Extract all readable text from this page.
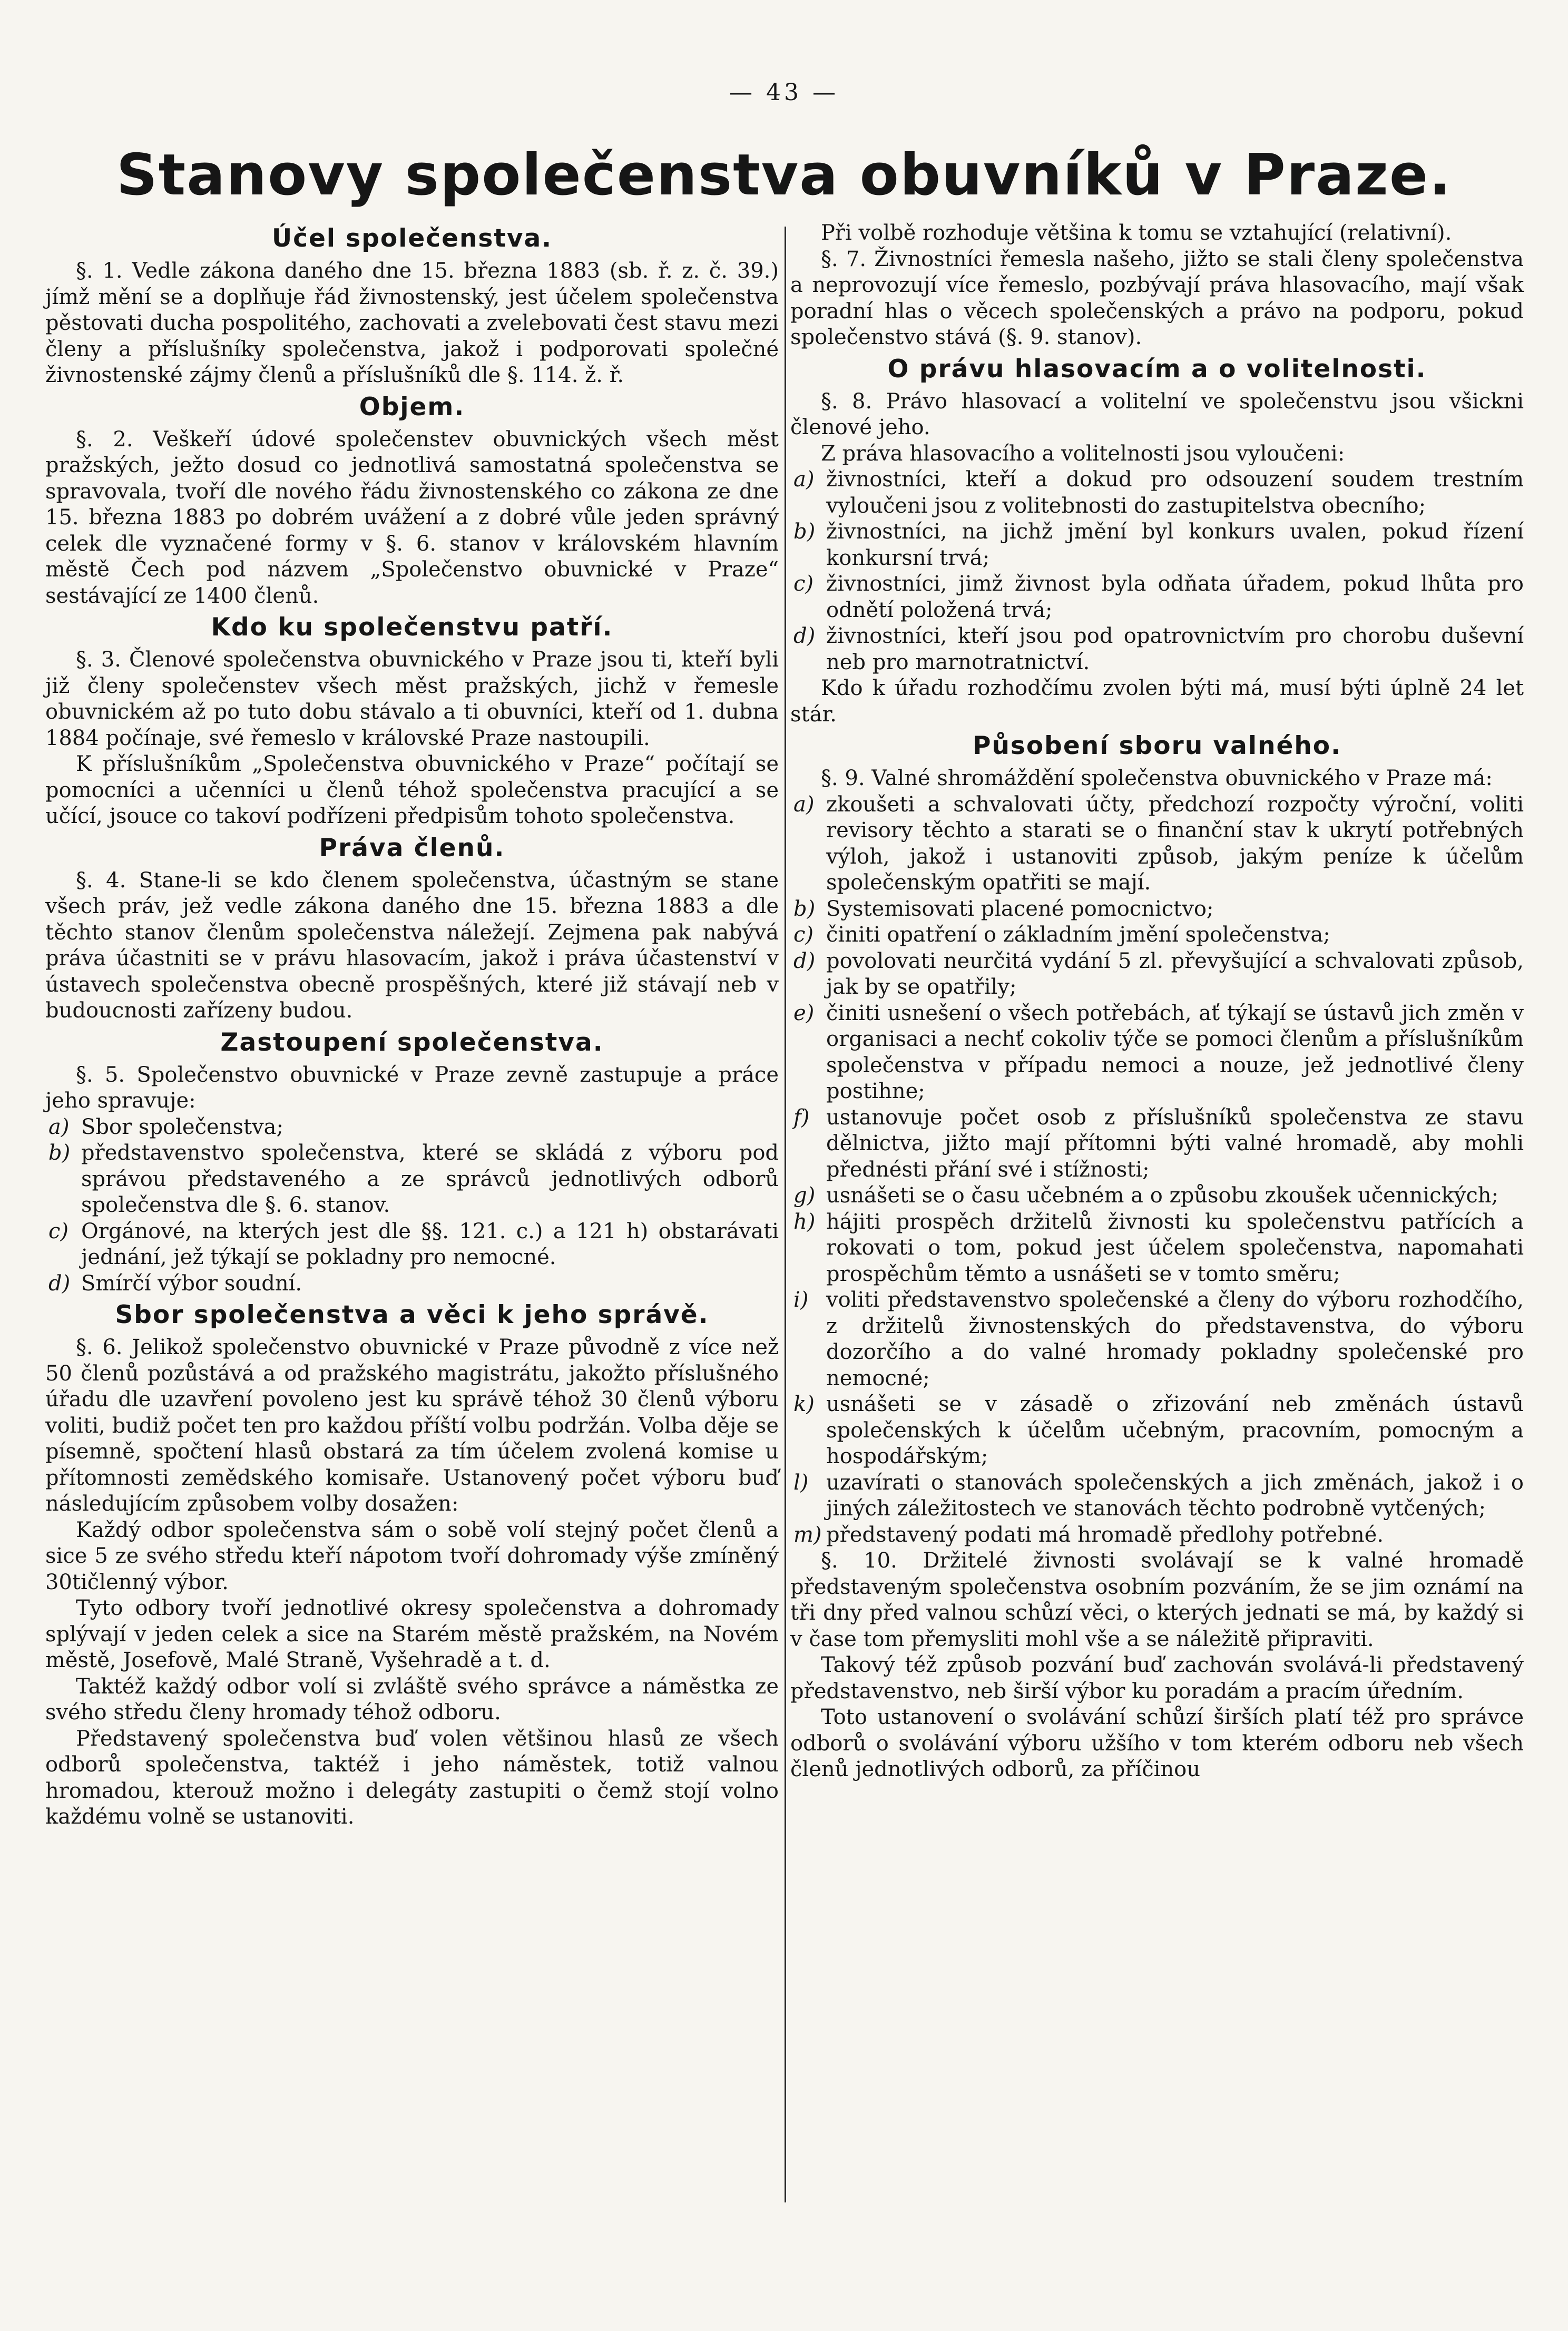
— 43 —
Stanovy společenstva obuvníků v Praze.
Účel společenstva.

§. 1. Vedle zákona daného dne 15. března 1883 (sb. ř. z. č. 39.) jímž mění se a doplňuje řád živnostenský, jest účelem společenstva pěstovati ducha pospolitého, zachovati a zvelebovati čest stavu mezi členy a příslušníky společenstva, jakož i podporovati společné živnostenské zájmy členů a příslušníků dle §. 114. ž. ř.

Objem.

§. 2. Veškeří údové společenstev obuvnických všech měst pražských, ježto dosud co jednotlivá samostatná společenstva se spravovala, tvoří dle nového řádu živnostenského co zákona ze dne 15. března 1883 po dobrém uvážení a z dobré vůle jeden správný celek dle vyznačené formy v §. 6. stanov v královském hlavním městě Čech pod názvem „Společenstvo obuvnické v Praze“ sestávající ze 1400 členů.

Kdo ku společenstvu patří.

§. 3. Členové společenstva obuvnického v Praze jsou ti, kteří byli již členy společenstev všech měst pražských, jichž v řemesle obuvnickém až po tuto dobu stávalo a ti obuvníci, kteří od 1. dubna 1884 počínaje, své řemeslo v královské Praze nastoupili.

K příslušníkům „Společenstva obuvnického v Praze“ počítají se pomocníci a učenníci u členů téhož společenstva pracující a se učící, jsouce co takoví podřízeni předpisům tohoto společenstva.

Práva členů.

§. 4. Stane-li se kdo členem společenstva, účastným se stane všech práv, jež vedle zákona daného dne 15. března 1883 a dle těchto stanov členům společenstva náležejí. Zejmena pak nabývá práva účastniti se v právu hlasovacím, jakož i práva účastenství v ústavech společenstva obecně prospěšných, které již stávají neb v budoucnosti zařízeny budou.

Zastoupení společenstva.

§. 5. Společenstvo obuvnické v Praze zevně zastupuje a práce jeho spravuje:

a) Sbor společenstva;
b) představenstvo společenstva, které se skládá z výboru pod správou představeného a ze správců jednotlivých odborů společenstva dle §. 6. stanov.
c) Orgánové, na kterých jest dle §§. 121. c.) a 121 h) obstarávati jednání, jež týkají se pokladny pro nemocné.
d) Smírčí výbor soudní.
Sbor společenstva a věci k jeho správě.

§. 6. Jelikož společenstvo obuvnické v Praze původně z více než 50 členů pozůstává a od pražského magistrátu, jakožto příslušného úřadu dle uzavření povoleno jest ku správě téhož 30 členů výboru voliti, budiž počet ten pro každou příští volbu podržán. Volba děje se písemně, spočtení hlasů obstará za tím účelem zvolená komise u přítomnosti zemědského komisaře. Ustanovený počet výboru buď následujícím způsobem volby dosažen:

Každý odbor společenstva sám o sobě volí stejný počet členů a sice 5 ze svého středu kteří nápotom tvoří dohromady výše zmíněný 30tičlenný výbor.

Tyto odbory tvoří jednotlivé okresy společenstva a dohromady splývají v jeden celek a sice na Starém městě pražském, na Novém městě, Josefově, Malé Straně, Vyšehradě a t. d.

Taktéž každý odbor volí si zvláště svého správce a náměstka ze svého středu členy hromady téhož odboru.

Představený společenstva buď volen většinou hlasů ze všech odborů společenstva, taktéž i jeho náměstek, totiž valnou hromadou, kterouž možno i delegáty zastupiti o čemž stojí volno každému volně se ustanoviti.

Při volbě rozhoduje většina k tomu se vztahující (relativní).

§. 7. Živnostníci řemesla našeho, jižto se stali členy společenstva a neprovozují více řemeslo, pozbývají práva hlasovacího, mají však poradní hlas o věcech společenských a právo na podporu, pokud společenstvo stává (§. 9. stanov).

O právu hlasovacím a o volitelnosti.

§. 8. Právo hlasovací a volitelní ve společenstvu jsou všickni členové jeho.

Z práva hlasovacího a volitelnosti jsou vyloučeni:

a) živnostníci, kteří a dokud pro odsouzení soudem trestním vyloučeni jsou z volitebnosti do zastupitelstva obecního;
b) živnostníci, na jichž jmění byl konkurs uvalen, pokud řízení konkursní trvá;
c) živnostníci, jimž živnost byla odňata úřadem, pokud lhůta pro odnětí položená trvá;
d) živnostníci, kteří jsou pod opatrovnictvím pro chorobu duševní neb pro marnotratnictví.

Kdo k úřadu rozhodčímu zvolen býti má, musí býti úplně 24 let stár.

Působení sboru valného.

§. 9. Valné shromáždění společenstva obuvnického v Praze má:

a) zkoušeti a schvalovati účty, předchozí rozpočty výroční, voliti revisory těchto a starati se o finanční stav k ukrytí potřebných výloh, jakož i ustanoviti způsob, jakým peníze k účelům společenským opatřiti se mají.
b) Systemisovati placené pomocnictvo;
c) činiti opatření o základním jmění společenstva;
d) povolovati neurčitá vydání 5 zl. převyšující a schvalovati způsob, jak by se opatřily;
e) činiti usnešení o všech potřebách, ať týkají se ústavů jich změn v organisaci a nechť cokoliv týče se pomoci členům a příslušníkům společenstva v případu nemoci a nouze, jež jednotlivé členy postihne;
f) ustanovuje počet osob z příslušníků společenstva ze stavu dělnictva, jižto mají přítomni býti valné hromadě, aby mohli přednésti přání své i stížnosti;
g) usnášeti se o času učebném a o způsobu zkoušek učennických;
h) hájiti prospěch držitelů živnosti ku společenstvu patřících a rokovati o tom, pokud jest účelem společenstva, napomahati prospěchům těmto a usnášeti se v tomto směru;
i) voliti představenstvo společenské a členy do výboru rozhodčího, z držitelů živnostenských do představenstva, do výboru dozorčího a do valné hromady pokladny společenské pro nemocné;
k) usnášeti se v zásadě o zřizování neb změnách ústavů společenských k účelům učebným, pracovním, pomocným a hospodářským;
l) uzavírati o stanovách společenských a jich změnách, jakož i o jiných záležitostech ve stanovách těchto podrobně vytčených;
m) představený podati má hromadě předlohy potřebné.

§. 10. Držitelé živnosti svolávají se k valné hromadě představeným společenstva osobním pozváním, že se jim oznámí na tři dny před valnou schůzí věci, o kterých jednati se má, by každý si v čase tom přemysliti mohl vše a se náležitě připraviti.

Takový též způsob pozvání buď zachován svolává-li představený představenstvo, neb širší výbor ku poradám a pracím úředním.

Toto ustanovení o svolávání schůzí širších platí též pro správce odborů o svolávání výboru užšího v tom kterém odboru neb všech členů jednotlivých odborů, za příčinou
